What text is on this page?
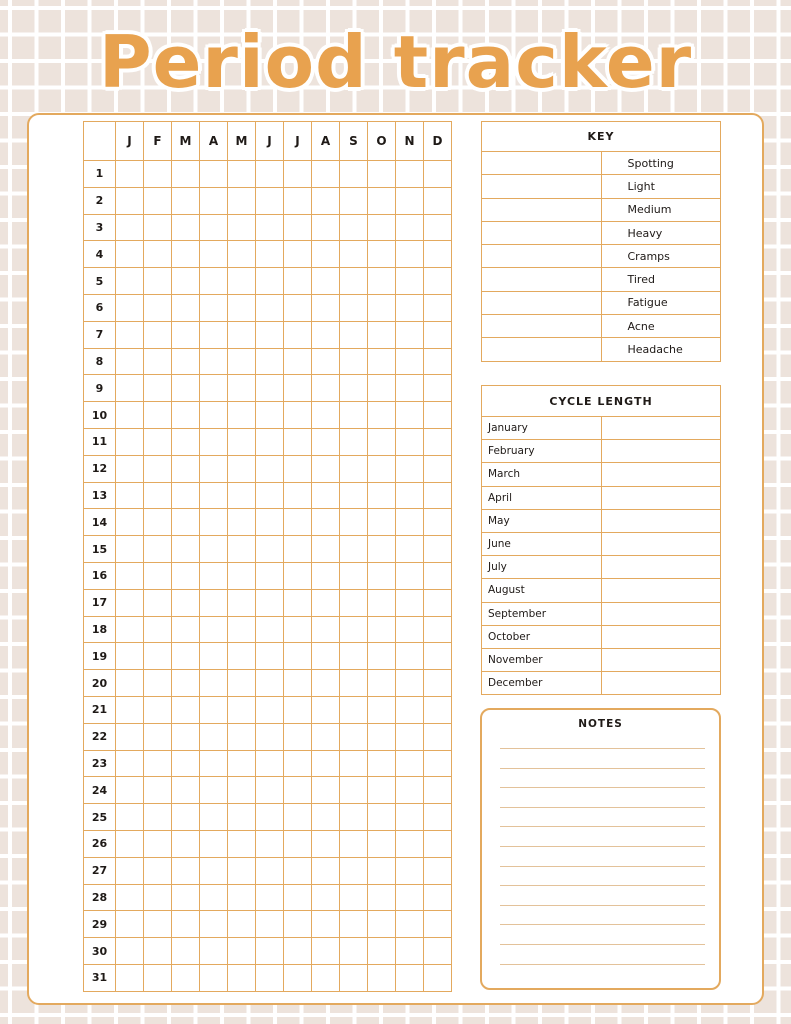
Period tracker
	J	F	M	A	M	J	J	A	S	O	N	D
1												
2												
3												
4												
5												
6												
7												
8												
9												
10												
11												
12												
13												
14												
15												
16												
17												
18												
19												
20												
21												
22												
23												
24												
25												
26												
27												
28												
29												
30												
31												
KEY	
	Spotting
	Light
	Medium
	Heavy
	Cramps
	Tired
	Fatigue
	Acne
	Headache
CYCLE LENGTH	
January	
February	
March	
April	
May	
June	
July	
August	
September	
October	
November	
December	
NOTES
